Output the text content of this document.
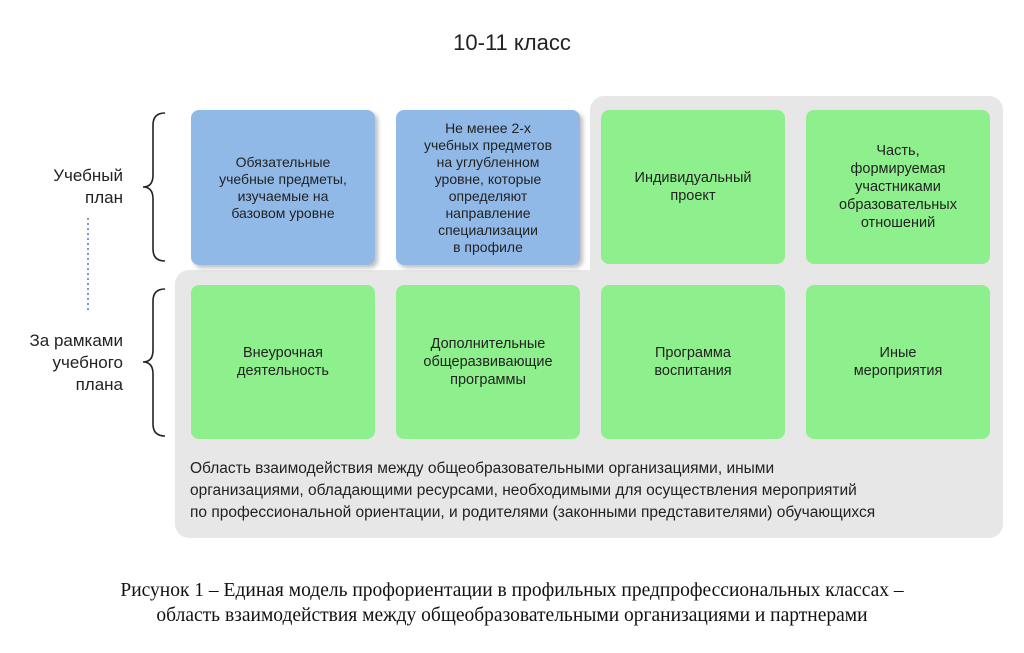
10-11 класс
Учебный
план
За рамками
учебного
плана
Обязательные
учебные предметы,
изучаемые на
базовом уровне
Не менее 2-х
учебных предметов
на углубленном
уровне, которые
определяют
направление
специализации
в профиле
Индивидуальный
проект
Часть,
формируемая
участниками
образовательных
отношений
Внеурочная
деятельность
Дополнительные
общеразвивающие
программы
Программа
воспитания
Иные
мероприятия
Область взаимодействия между общеобразовательными организациями, иными
организациями, обладающими ресурсами, необходимыми для осуществления мероприятий
по профессиональной ориентации, и родителями (законными представителями) обучающихся
Рисунок 1 – Единая модель профориентации в профильных предпрофессиональных классах –
область взаимодействия между общеобразовательными организациями и партнерами
